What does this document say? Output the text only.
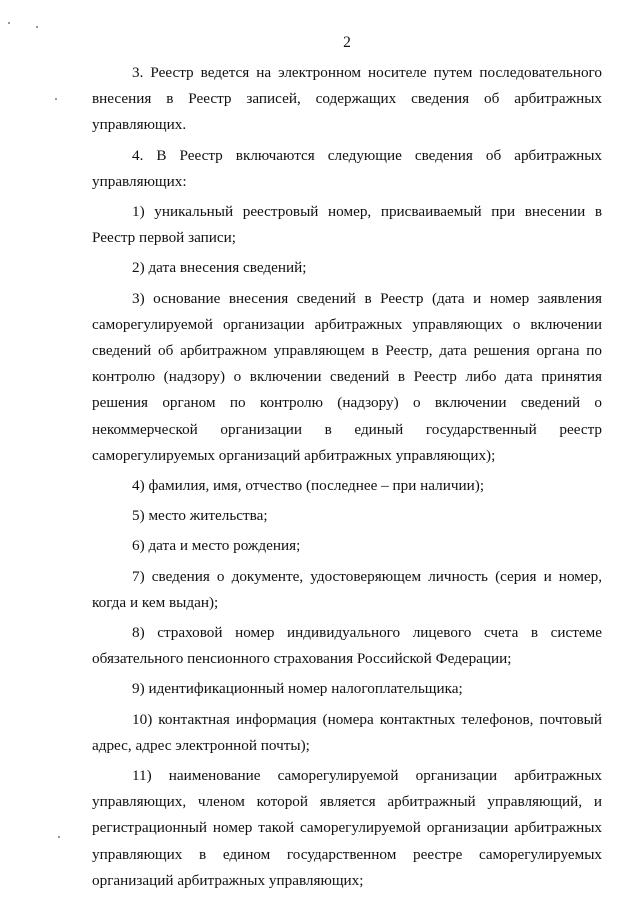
2

3. Реестр ведется на электронном носителе путем последовательного внесения в Реестр записей, содержащих сведения об арбитражных управляющих.

4. В Реестр включаются следующие сведения об арбитражных управляющих:

1) уникальный реестровый номер, присваиваемый при внесении в Реестр первой записи;

2) дата внесения сведений;

3) основание внесения сведений в Реестр (дата и номер заявления саморегулируемой организации арбитражных управляющих о включении сведений об арбитражном управляющем в Реестр, дата решения органа по контролю (надзору) о включении сведений в Реестр либо дата принятия решения органом по контролю (надзору) о включении сведений о некоммерческой организации в единый государственный реестр саморегулируемых организаций арбитражных управляющих);

4) фамилия, имя, отчество (последнее – при наличии);

5) место жительства;

6) дата и место рождения;

7) сведения о документе, удостоверяющем личность (серия и номер, когда и кем выдан);

8) страховой номер индивидуального лицевого счета в системе обязательного пенсионного страхования Российской Федерации;

9) идентификационный номер налогоплательщика;

10) контактная информация (номера контактных телефонов, почтовый адрес, адрес электронной почты);

11) наименование саморегулируемой организации арбитражных управляющих, членом которой является арбитражный управляющий, и регистрационный номер такой саморегулируемой организации арбитражных управляющих в едином государственном реестре саморегулируемых организаций арбитражных управляющих;
